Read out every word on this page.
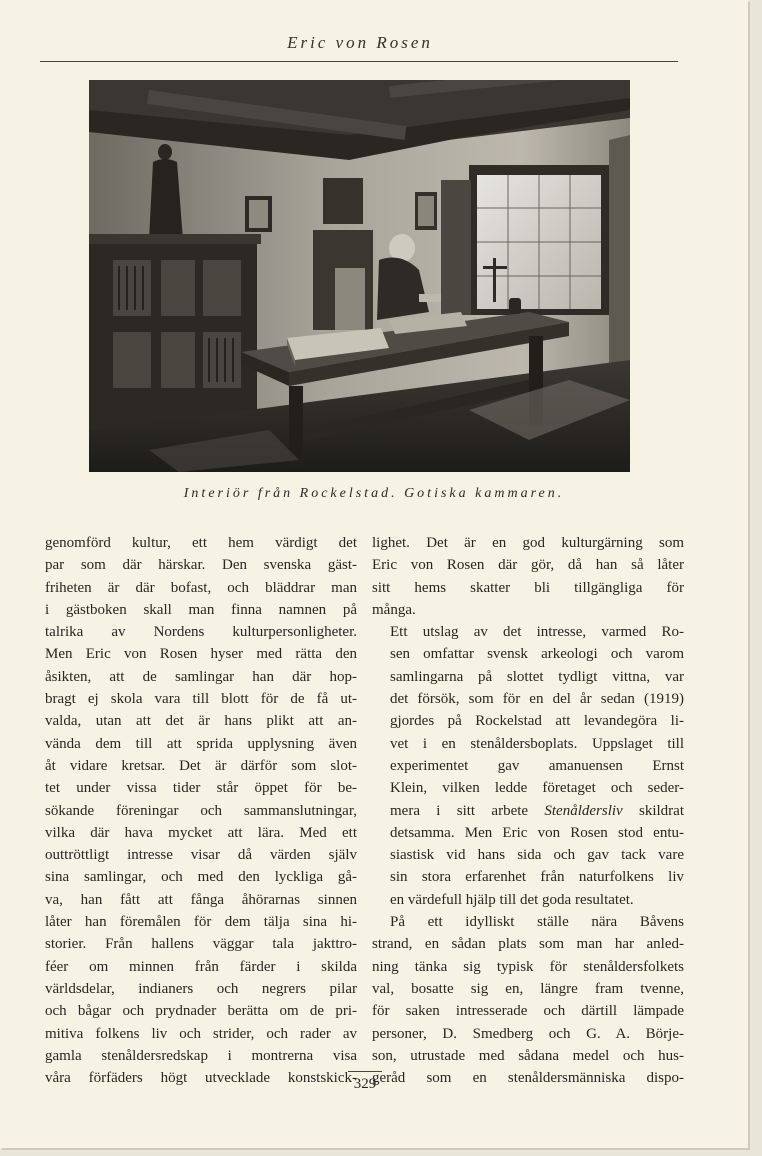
Eric von Rosen
Interiör från Rockelstad. Gotiska kammaren.

genomförd kultur, ett hem värdigt det
par som där härskar. Den svenska gäst-
friheten är där bofast, och bläddrar man
i gästboken skall man finna namnen på
talrika av Nordens kulturpersonligheter.
Men Eric von Rosen hyser med rätta den
åsikten, att de samlingar han där hop-
bragt ej skola vara till blott för de få ut-
valda, utan att det är hans plikt att an-
vända dem till att sprida upplysning även
åt vidare kretsar. Det är därför som slot-
tet under vissa tider står öppet för be-
sökande föreningar och sammanslutningar,
vilka där hava mycket att lära. Med ett
outtröttligt intresse visar då värden själv
sina samlingar, och med den lyckliga gå-
va, han fått att fånga åhörarnas sinnen
låter han föremålen för dem tälja sina hi-
storier. Från hallens väggar tala jakttro-
féer om minnen från färder i skilda
världsdelar, indianers och negrers pilar
och bågar och prydnader berätta om de pri-
mitiva folkens liv och strider, och rader av
gamla stenåldersredskap i montrerna visa
våra förfäders högt utvecklade konstskick-

lighet. Det är en god kulturgärning som
Eric von Rosen där gör, då han så låter
sitt hems skatter bli tillgängliga för
många.

Ett utslag av det intresse, varmed Ro-
sen omfattar svensk arkeologi och varom
samlingarna på slottet tydligt vittna, var
det försök, som för en del år sedan (1919)
gjordes på Rockelstad att levandegöra li-
vet i en stenåldersboplats. Uppslaget till
experimentet gav amanuensen Ernst
Klein, vilken ledde företaget och seder-
mera i sitt arbete Stenåldersliv skildrat
detsamma. Men Eric von Rosen stod entu-
siastisk vid hans sida och gav tack vare
sin stora erfarenhet från naturfolkens liv
en värdefull hjälp till det goda resultatet.

På ett idylliskt ställe nära Båvens
strand, en sådan plats som man har anled-
ning tänka sig typisk för stenåldersfolkets
val, bosatte sig en, längre fram tvenne,
för saken intresserade och därtill lämpade
personer, D. Smedberg och G. A. Börje-
son, utrustade med sådana medel och hus-
geråd som en stenåldersmänniska dispo-

329
